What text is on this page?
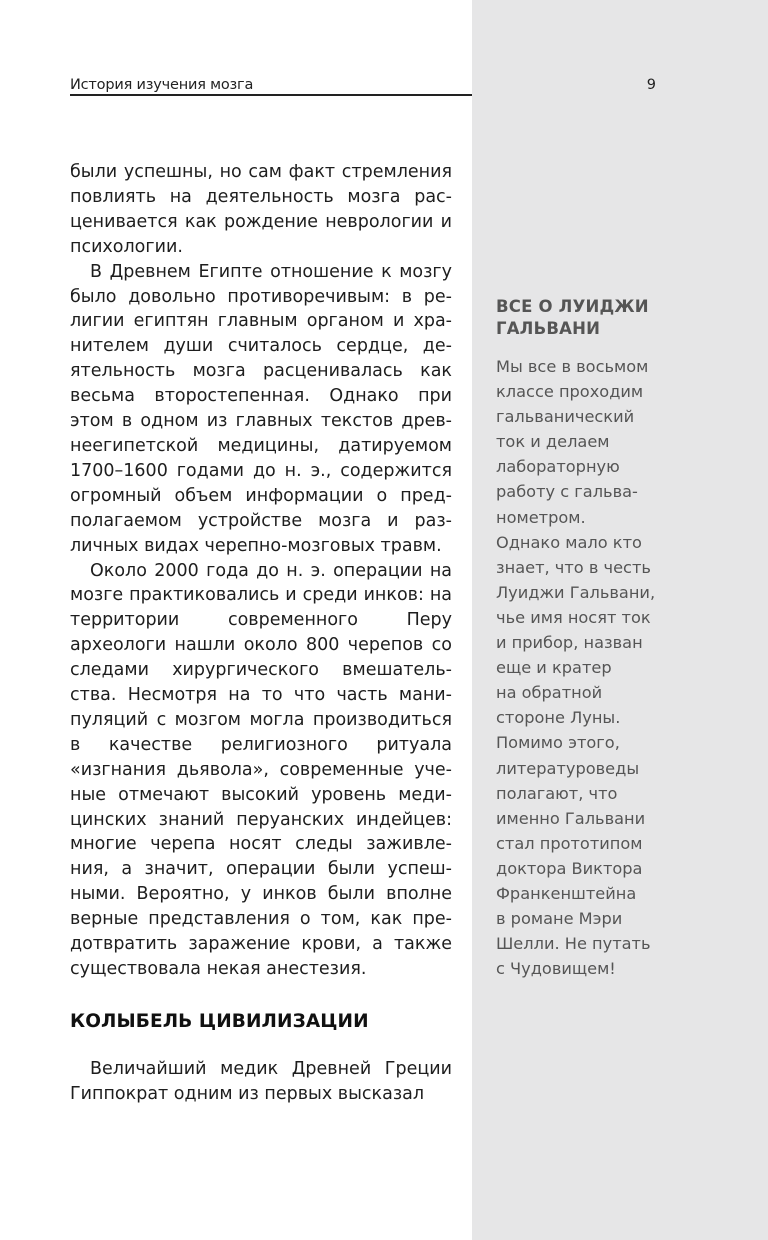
История изучения мозга	9

были успешны, но сам факт стремления повлиять на деятельность мозга расценивается как рождение неврологии и психологии.

В Древнем Египте отношение к мозгу было довольно противоречивым: в религии египтян главным органом и хранителем души считалось сердце, деятельность мозга расценивалась как весьма второстепенная. Однако при этом в одном из главных текстов древнеегипетской медицины, датируемом 1700–1600 годами до н. э., содержится огромный объем информации о предполагаемом устройстве мозга и различных видах черепно-мозговых травм.

Около 2000 года до н. э. операции на мозге практиковались и среди инков: на территории современного Перу археологи нашли около 800 черепов со следами хирургического вмешательства. Несмотря на то что часть манипуляций с мозгом могла производиться в качестве религиозного ритуала «изгнания дьявола», современные ученые отмечают высокий уровень медицинских знаний перуанских индейцев: многие черепа носят следы заживления, а значит, операции были успешными. Вероятно, у инков были вполне верные представления о том, как предотвратить заражение крови, а также существовала некая анестезия.

КОЛЫБЕЛЬ ЦИВИЛИЗАЦИИ

Величайший медик Древней Греции Гиппократ одним из первых высказал

ВСЕ О ЛУИДЖИ ГАЛЬВАНИ

Мы все в восьмом
классе проходим
гальванический
ток и делаем
лабораторную
работу с гальва-
нометром.
Однако мало кто
знает, что в честь
Луиджи Гальвани,
чье имя носят ток
и прибор, назван
еще и кратер
на обратной
стороне Луны.
Помимо этого,
литературоведы
полагают, что
именно Гальвани
стал прототипом
доктора Виктора
Франкенштейна
в романе Мэри
Шелли. Не путать
с Чудовищем!
